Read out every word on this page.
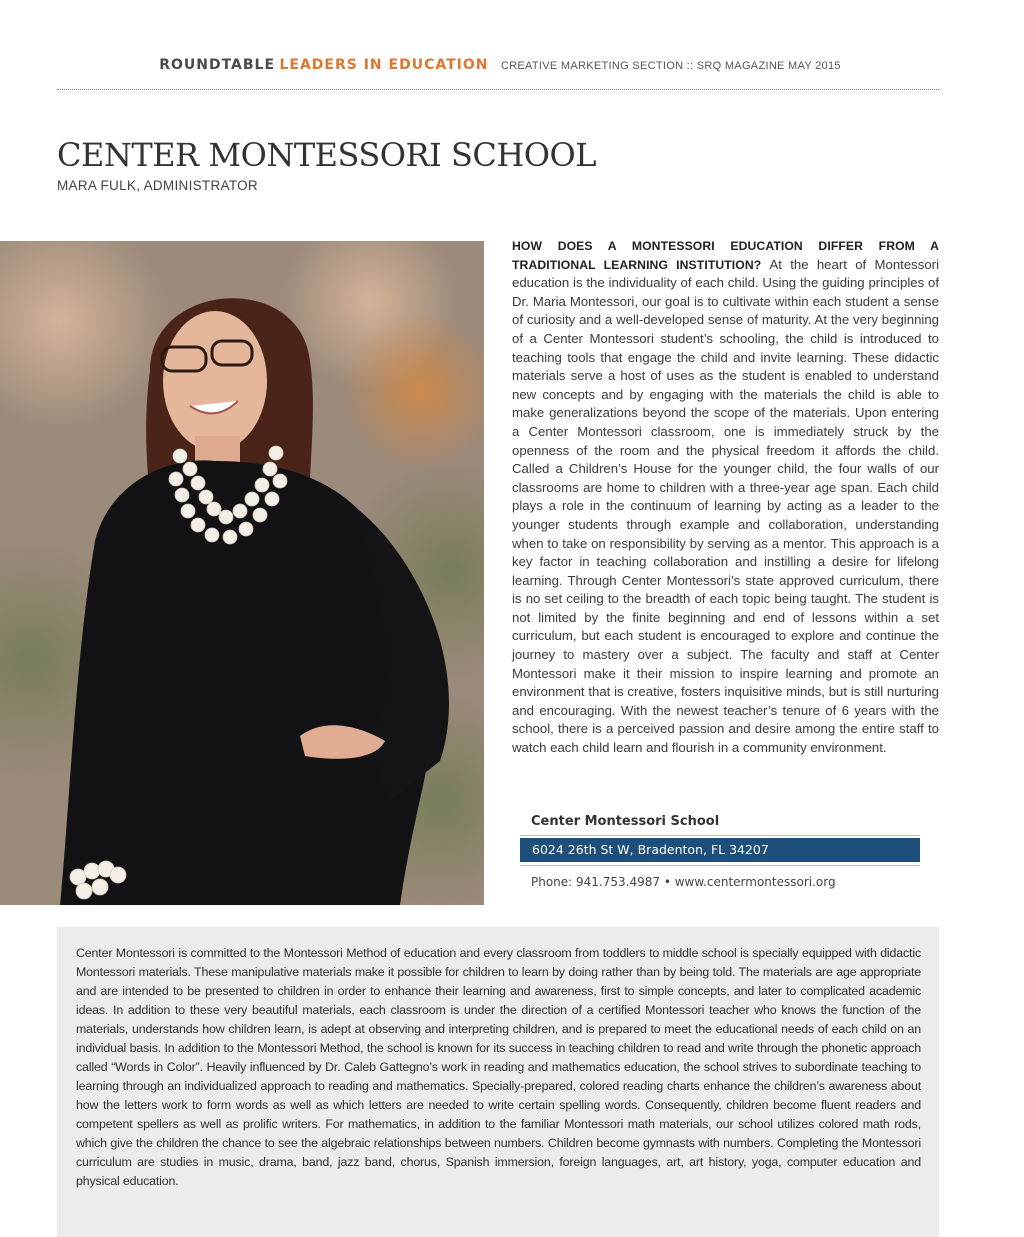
ROUNDTABLE LEADERS IN EDUCATION CREATIVE MARKETING SECTION :: SRQ MAGAZINE MAY 2015
CENTER MONTESSORI SCHOOL
MARA FULK, ADMINISTRATOR
HOW DOES A MONTESSORI EDUCATION DIFFER FROM A TRADITIONAL LEARNING INSTITUTION? At the heart of Montessori education is the individuality of each child. Using the guiding principles of Dr. Maria Montessori, our goal is to cultivate within each student a sense of curiosity and a well-developed sense of maturity. At the very beginning of a Center Montessori student’s schooling, the child is introduced to teaching tools that engage the child and invite learning. These didactic materials serve a host of uses as the student is enabled to understand new concepts and by engaging with the materials the child is able to make generalizations beyond the scope of the materials. Upon entering a Center Montessori classroom, one is immediately struck by the openness of the room and the physical freedom it affords the child. Called a Children’s House for the younger child, the four walls of our classrooms are home to children with a three-year age span. Each child plays a role in the continuum of learning by acting as a leader to the younger students through example and collaboration, understanding when to take on responsibility by serving as a mentor. This approach is a key factor in teaching collaboration and instilling a desire for lifelong learning. Through Center Montessori’s state approved curriculum, there is no set ceiling to the breadth of each topic being taught. The student is not limited by the finite beginning and end of lessons within a set curriculum, but each student is encouraged to explore and continue the journey to mastery over a subject. The faculty and staff at Center Montessori make it their mission to inspire learning and promote an environment that is creative, fosters inquisitive minds, but is still nurturing and encouraging. With the newest teacher’s tenure of 6 years with the school, there is a perceived passion and desire among the entire staff to watch each child learn and flourish in a community environment.
Center Montessori School
6024 26th St W, Bradenton, FL 34207
Phone: 941.753.4987 • www.centermontessori.org
Center Montessori is committed to the Montessori Method of education and every classroom from toddlers to middle school is specially equipped with didactic Montessori materials. These manipulative materials make it possible for children to learn by doing rather than by being told. The materials are age appropriate and are intended to be presented to children in order to enhance their learning and awareness, first to simple concepts, and later to complicated academic ideas. In addition to these very beautiful materials, each classroom is under the direction of a certified Montessori teacher who knows the function of the materials, understands how children learn, is adept at observing and interpreting children, and is prepared to meet the educational needs of each child on an individual basis. In addition to the Montessori Method, the school is known for its success in teaching children to read and write through the phonetic approach called “Words in Color”. Heavily influenced by Dr. Caleb Gattegno’s work in reading and mathematics education, the school strives to subordinate teaching to learning through an individualized approach to reading and mathematics. Specially-prepared, colored reading charts enhance the children’s awareness about how the letters work to form words as well as which letters are needed to write certain spelling words. Consequently, children become fluent readers and competent spellers as well as prolific writers. For mathematics, in addition to the familiar Montessori math materials, our school utilizes colored math rods, which give the children the chance to see the algebraic relationships between numbers. Children become gymnasts with numbers. Completing the Montessori curriculum are studies in music, drama, band, jazz band, chorus, Spanish immersion, foreign languages, art, art history, yoga, computer education and physical education.
